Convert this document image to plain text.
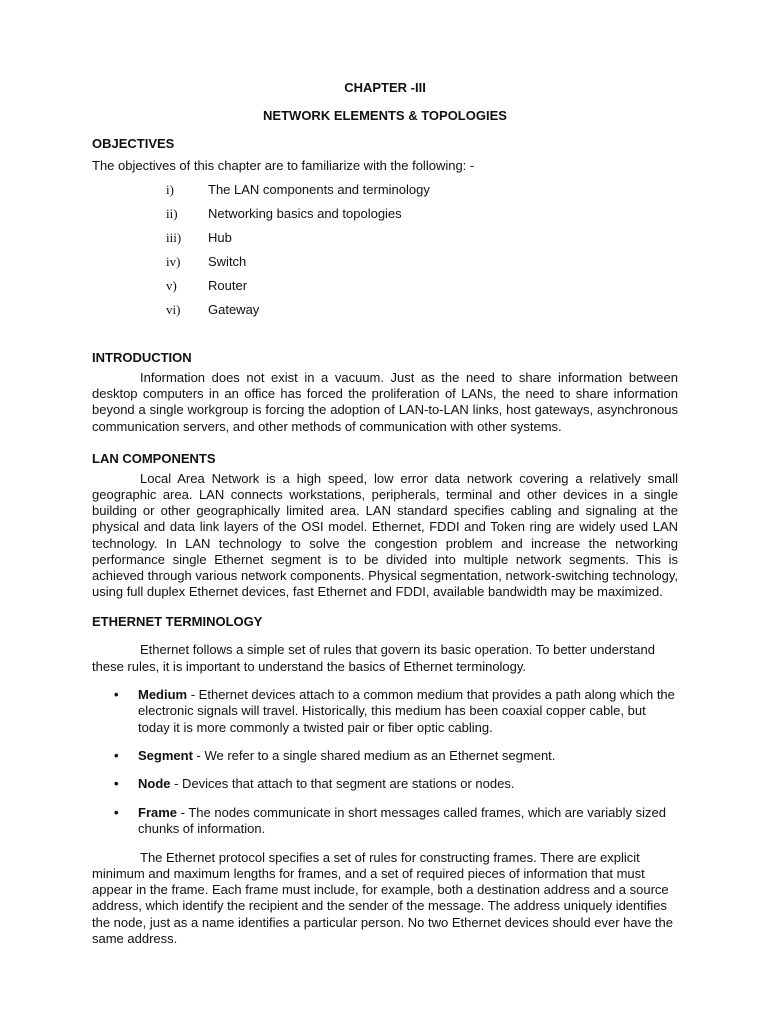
CHAPTER -III

NETWORK ELEMENTS & TOPOLOGIES

OBJECTIVES

The objectives of this chapter are to familiarize with the following: -

i)	The LAN components and terminology
ii)	Networking basics and topologies
iii)	Hub
iv)	Switch
v)	Router
vi)	Gateway
INTRODUCTION

Information does not exist in a vacuum. Just as the need to share information between desktop computers in an office has forced the proliferation of LANs, the need to share information beyond a single workgroup is forcing the adoption of LAN-to-LAN links, host gateways, asynchronous communication servers, and other methods of communication with other systems.

LAN COMPONENTS

Local Area Network is a high speed, low error data network covering a relatively small geographic area. LAN connects workstations, peripherals, terminal and other devices in a single building or other geographically limited area. LAN standard specifies cabling and signaling at the physical and data link layers of the OSI model. Ethernet, FDDI and Token ring are widely used LAN technology. In LAN technology to solve the congestion problem and increase the networking performance single Ethernet segment is to be divided into multiple network segments. This is achieved through various network components. Physical segmentation, network-switching technology, using full duplex Ethernet devices, fast Ethernet and FDDI, available bandwidth may be maximized.

ETHERNET TERMINOLOGY

Ethernet follows a simple set of rules that govern its basic operation. To better understand these rules, it is important to understand the basics of Ethernet terminology.

• Medium - Ethernet devices attach to a common medium that provides a path along which the electronic signals will travel. Historically, this medium has been coaxial copper cable, but today it is more commonly a twisted pair or fiber optic cabling.
• Segment - We refer to a single shared medium as an Ethernet segment.
• Node - Devices that attach to that segment are stations or nodes.
• Frame - The nodes communicate in short messages called frames, which are variably sized chunks of information.

The Ethernet protocol specifies a set of rules for constructing frames. There are explicit minimum and maximum lengths for frames, and a set of required pieces of information that must appear in the frame. Each frame must include, for example, both a destination address and a source address, which identify the recipient and the sender of the message. The address uniquely identifies the node, just as a name identifies a particular person. No two Ethernet devices should ever have the same address.
